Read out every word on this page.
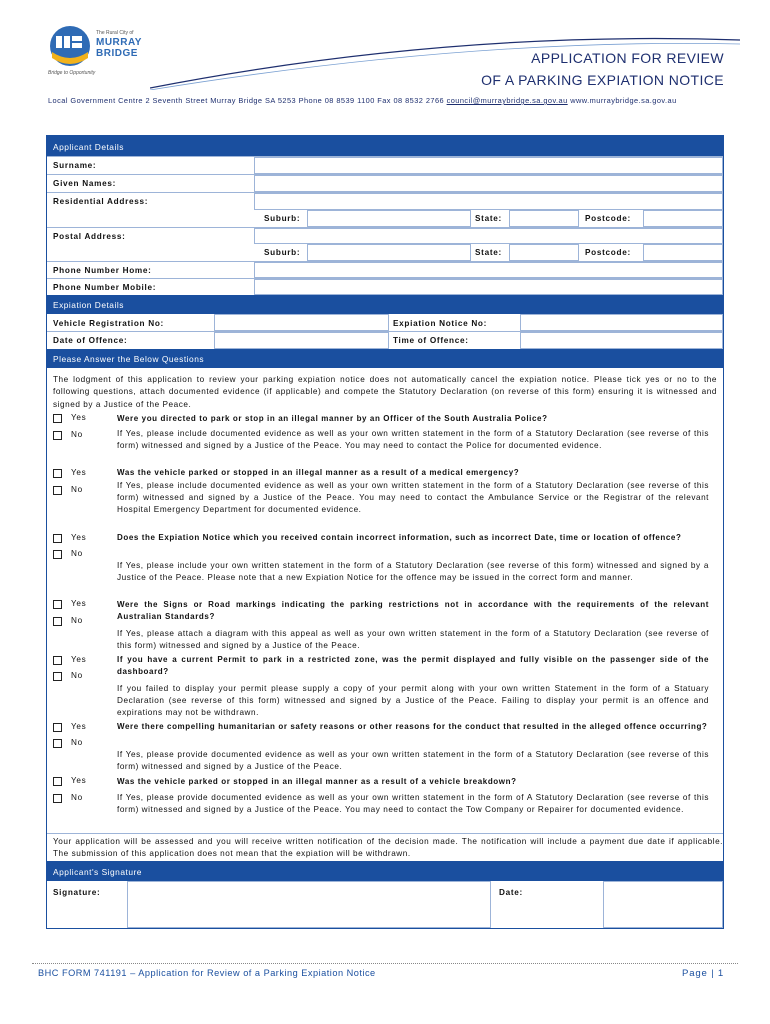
The Rural City of
MURRAY
BRIDGE
Bridge to Opportunity
APPLICATION FOR REVIEW
OF A PARKING EXPIATION NOTICE
Local Government Centre 2 Seventh Street Murray Bridge SA 5253 Phone 08 8539 1100 Fax 08 8532 2766 council@murraybridge.sa.gov.au www.murraybridge.sa.gov.au
Applicant Details
Surname:
Given Names:
Residential Address:
Suburb:	State:	Postcode:
Postal Address:
Suburb:	State:	Postcode:
Phone Number Home:
Phone Number Mobile:
Expiation Details
Vehicle Registration No:	Expiation Notice No:
Date of Offence:	Time of Offence:
Please Answer the Below Questions
The lodgment of this application to review your parking expiation notice does not automatically cancel the expiation notice. Please tick yes or no to the following questions, attach documented evidence (if applicable) and compete the Statutory Declaration (on reverse of this form) ensuring it is witnessed and signed by a Justice of the Peace.
Yes
No
Were you directed to park or stop in an illegal manner by an Officer of the South Australia Police?
If Yes, please include documented evidence as well as your own written statement in the form of a Statutory Declaration (see reverse of this form) witnessed and signed by a Justice of the Peace. You may need to contact the Police for documented evidence.
Yes
No
Was the vehicle parked or stopped in an illegal manner as a result of a medical emergency?
If Yes, please include documented evidence as well as your own written statement in the form of a Statutory Declaration (see reverse of this form) witnessed and signed by a Justice of the Peace. You may need to contact the Ambulance Service or the Registrar of the relevant Hospital Emergency Department for documented evidence.
Yes
No
Does the Expiation Notice which you received contain incorrect information, such as incorrect Date, time or location of offence?
If Yes, please include your own written statement in the form of a Statutory Declaration (see reverse of this form) witnessed and signed by a Justice of the Peace. Please note that a new Expiation Notice for the offence may be issued in the correct form and manner.
Yes
No
Were the Signs or Road markings indicating the parking restrictions not in accordance with the requirements of the relevant Australian Standards?
If Yes, please attach a diagram with this appeal as well as your own written statement in the form of a Statutory Declaration (see reverse of this form) witnessed and signed by a Justice of the Peace.
Yes
No
If you have a current Permit to park in a restricted zone, was the permit displayed and fully visible on the passenger side of the dashboard?
If you failed to display your permit please supply a copy of your permit along with your own written Statement in the form of a Statuary Declaration (see reverse of this form) witnessed and signed by a Justice of the Peace. Failing to display your permit is an offence and expirations may not be withdrawn.
Yes
No
Were there compelling humanitarian or safety reasons or other reasons for the conduct that resulted in the alleged offence occurring?
If Yes, please provide documented evidence as well as your own written statement in the form of a Statutory Declaration (see reverse of this form) witnessed and signed by a Justice of the Peace.
Yes
No
Was the vehicle parked or stopped in an illegal manner as a result of a vehicle breakdown?
If Yes, please provide documented evidence as well as your own written statement in the form of A Statutory Declaration (see reverse of this form) witnessed and signed by a Justice of the Peace. You may need to contact the Tow Company or Repairer for documented evidence.
Your application will be assessed and you will receive written notification of the decision made. The notification will include a payment due date if applicable. The submission of this application does not mean that the expiation will be withdrawn.
Applicant's Signature
Signature:	Date:
BHC FORM 741191 – Application for Review of a Parking Expiation Notice	Page | 1
